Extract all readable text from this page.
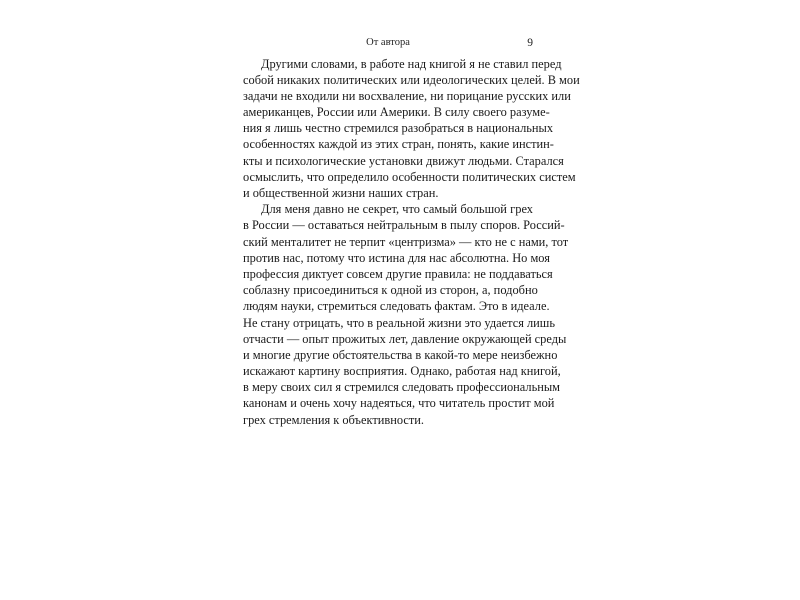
От автора	9
Другими словами, в работе над книгой я не ставил перед
собой никаких политических или идеологических целей. В мои
задачи не входили ни восхваление, ни порицание русских или
американцев, России или Америки. В силу своего разуме-
ния я лишь честно стремился разобраться в национальных
особенностях каждой из этих стран, понять, какие инстин-
кты и психологические установки движут людьми. Старался
осмыслить, что определило особенности политических систем
и общественной жизни наших стран.
Для меня давно не секрет, что самый большой грех
в России — оставаться нейтральным в пылу споров. Россий-
ский менталитет не терпит «центризма» — кто не с нами, тот
против нас, потому что истина для нас абсолютна. Но моя
профессия диктует совсем другие правила: не поддаваться
соблазну присоединиться к одной из сторон, а, подобно
людям науки, стремиться следовать фактам. Это в идеале.
Не стану отрицать, что в реальной жизни это удается лишь
отчасти — опыт прожитых лет, давление окружающей среды
и многие другие обстоятельства в какой-то мере неизбежно
искажают картину восприятия. Однако, работая над книгой,
в меру своих сил я стремился следовать профессиональным
канонам и очень хочу надеяться, что читатель простит мой
грех стремления к объективности.
